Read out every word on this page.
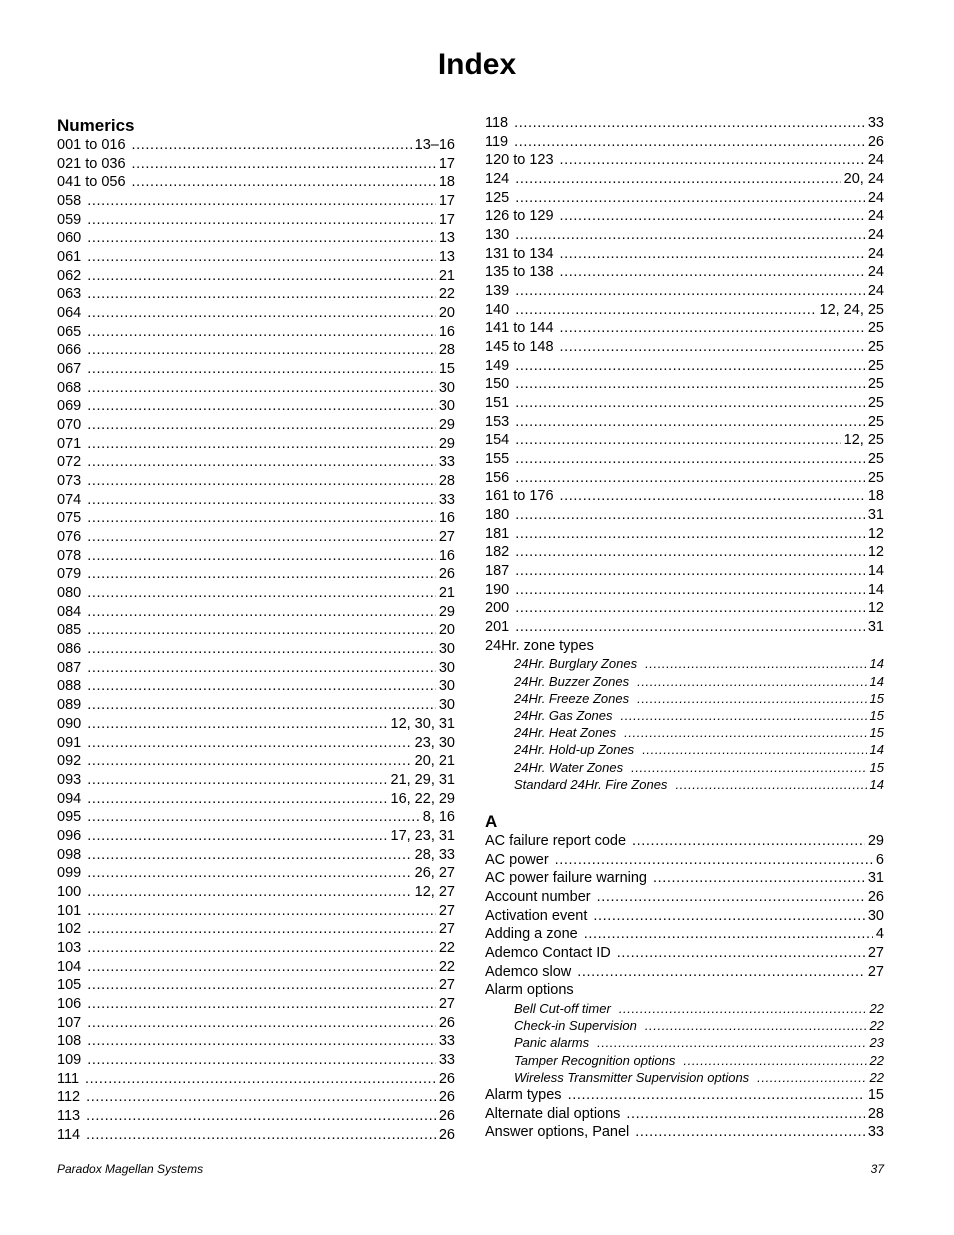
Index
Numerics
001 to 016 .....	13–16
021 to 036 .....	17
041 to 056 .....	18
058 .....	17
059 .....	17
060 .....	13
061 .....	13
062 .....	21
063 .....	22
064 .....	20
065 .....	16
066 .....	28
067 .....	15
068 .....	30
069 .....	30
070 .....	29
071 .....	29
072 .....	33
073 .....	28
074 .....	33
075 .....	16
076 .....	27
078 .....	16
079 .....	26
080 .....	21
084 .....	29
085 .....	20
086 .....	30
087 .....	30
088 .....	30
089 .....	30
090 .....	12, 30, 31
091 .....	23, 30
092 .....	20, 21
093 .....	21, 29, 31
094 .....	16, 22, 29
095 .....	8, 16
096 .....	17, 23, 31
098 .....	28, 33
099 .....	26, 27
100 .....	12, 27
101 .....	27
102 .....	27
103 .....	22
104 .....	22
105 .....	27
106 .....	27
107 .....	26
108 .....	33
109 .....	33
111 .....	26
112 .....	26
113 .....	26
114 .....	26
118 .....	33
119 .....	26
120 to 123 .....	24
124 .....	20, 24
125 .....	24
126 to 129 .....	24
130 .....	24
131 to 134 .....	24
135 to 138 .....	24
139 .....	24
140 .....	12, 24, 25
141 to 144 .....	25
145 to 148 .....	25
149 .....	25
150 .....	25
151 .....	25
153 .....	25
154 .....	12, 25
155 .....	25
156 .....	25
161 to 176 .....	18
180 .....	31
181 .....	12
182 .....	12
187 .....	14
190 .....	14
200 .....	12
201 .....	31
24Hr. zone types
24Hr. Burglary Zones .....	14
24Hr. Buzzer Zones .....	14
24Hr. Freeze Zones .....	15
24Hr. Gas Zones .....	15
24Hr. Heat Zones .....	15
24Hr. Hold-up Zones .....	14
24Hr. Water Zones .....	15
Standard 24Hr. Fire Zones .....	14
A
AC failure report code .....	29
AC power .....	6
AC power failure warning .....	31
Account number .....	26
Activation event .....	30
Adding a zone .....	4
Ademco Contact ID .....	27
Ademco slow .....	27
Alarm options
Bell Cut-off timer .....	22
Check-in Supervision .....	22
Panic alarms .....	23
Tamper Recognition options .....	22
Wireless Transmitter Supervision options .....	22
Alarm types .....	15
Alternate dial options .....	28
Answer options, Panel .....	33
Paradox Magellan Systems	37
